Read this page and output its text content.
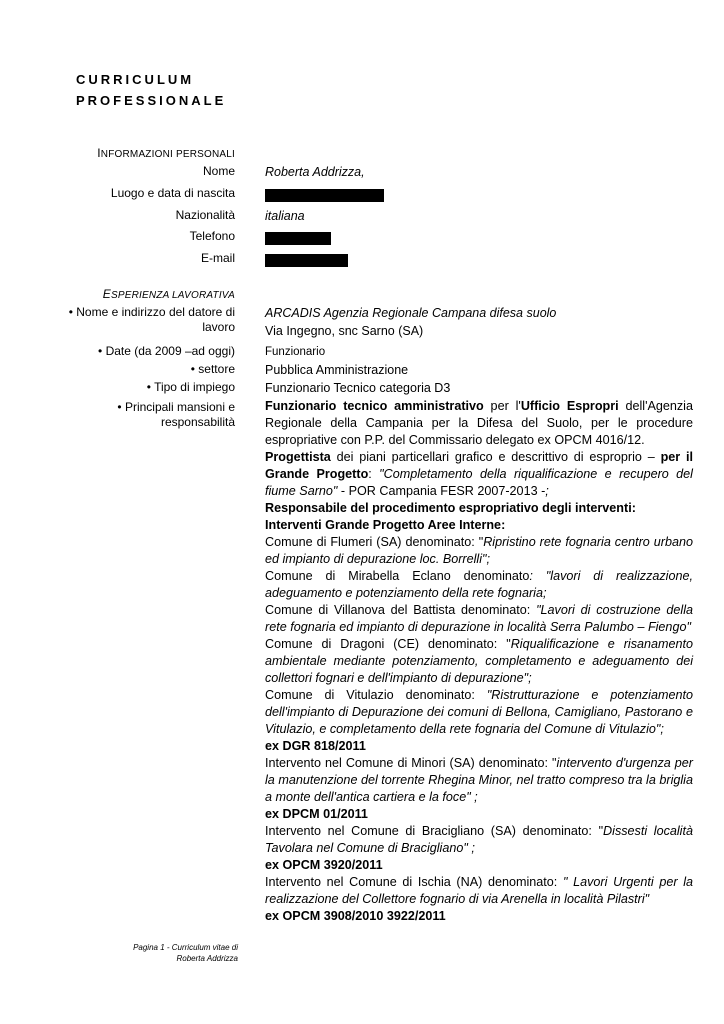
CURRICULUM
PROFESSIONALE
INFORMAZIONI PERSONALI
Nome Roberta Addrizza,
Luogo e data di nascita
Nazionalità italiana
Telefono
E-mail
ESPERIENZA LAVORATIVA
• Nome e indirizzo del datore di
lavoro
ARCADIS Agenzia Regionale Campana difesa suolo
Via Ingegno, snc Sarno (SA)
• Date (da 2009 –ad oggi)	Funzionario
• settore Pubblica Amministrazione
• Tipo di impiego Funzionario Tecnico categoria D3
• Principali mansioni e
responsabilità

Funzionario tecnico amministrativo per l'Ufficio Espropri dell'Agenzia Regionale della Campania per la Difesa del Suolo, per le procedure espropriative con P.P. del Commissario delegato ex OPCM 4016/12.

Progettista dei piani particellari grafico e descrittivo di esproprio – per il Grande Progetto: "Completamento della riqualificazione e recupero del fiume Sarno" - POR Campania FESR 2007-2013 -;

Responsabile del procedimento espropriativo degli interventi:

Interventi Grande Progetto Aree Interne:

Comune di Flumeri (SA) denominato: "Ripristino rete fognaria centro urbano ed impianto di depurazione loc. Borrelli";

Comune di Mirabella Eclano denominato: "lavori di realizzazione, adeguamento e potenziamento della rete fognaria;

Comune di Villanova del Battista denominato: "Lavori di costruzione della rete fognaria ed impianto di depurazione in località Serra Palumbo – Fiengo"

Comune di Dragoni (CE) denominato: "Riqualificazione e risanamento ambientale mediante potenziamento, completamento e adeguamento dei collettori fognari e dell'impianto di depurazione";

Comune di Vitulazio denominato: "Ristrutturazione e potenziamento dell'impianto di Depurazione dei comuni di Bellona, Camigliano, Pastorano e Vitulazio, e completamento della rete fognaria del Comune di Vitulazio";

ex DGR 818/2011

Intervento nel Comune di Minori (SA) denominato: "intervento d'urgenza per la manutenzione del torrente Rhegina Minor, nel tratto compreso tra la briglia a monte dell'antica cartiera e la foce" ;

ex DPCM 01/2011

Intervento nel Comune di Bracigliano (SA) denominato: "Dissesti località Tavolara nel Comune di Bracigliano" ;

ex OPCM 3920/2011

Intervento nel Comune di Ischia (NA) denominato: " Lavori Urgenti per la realizzazione del Collettore fognario di via Arenella in località Pilastri"

ex OPCM 3908/2010 3922/2011

Pagina 1 - Curriculum vitae di
Roberta Addrizza
